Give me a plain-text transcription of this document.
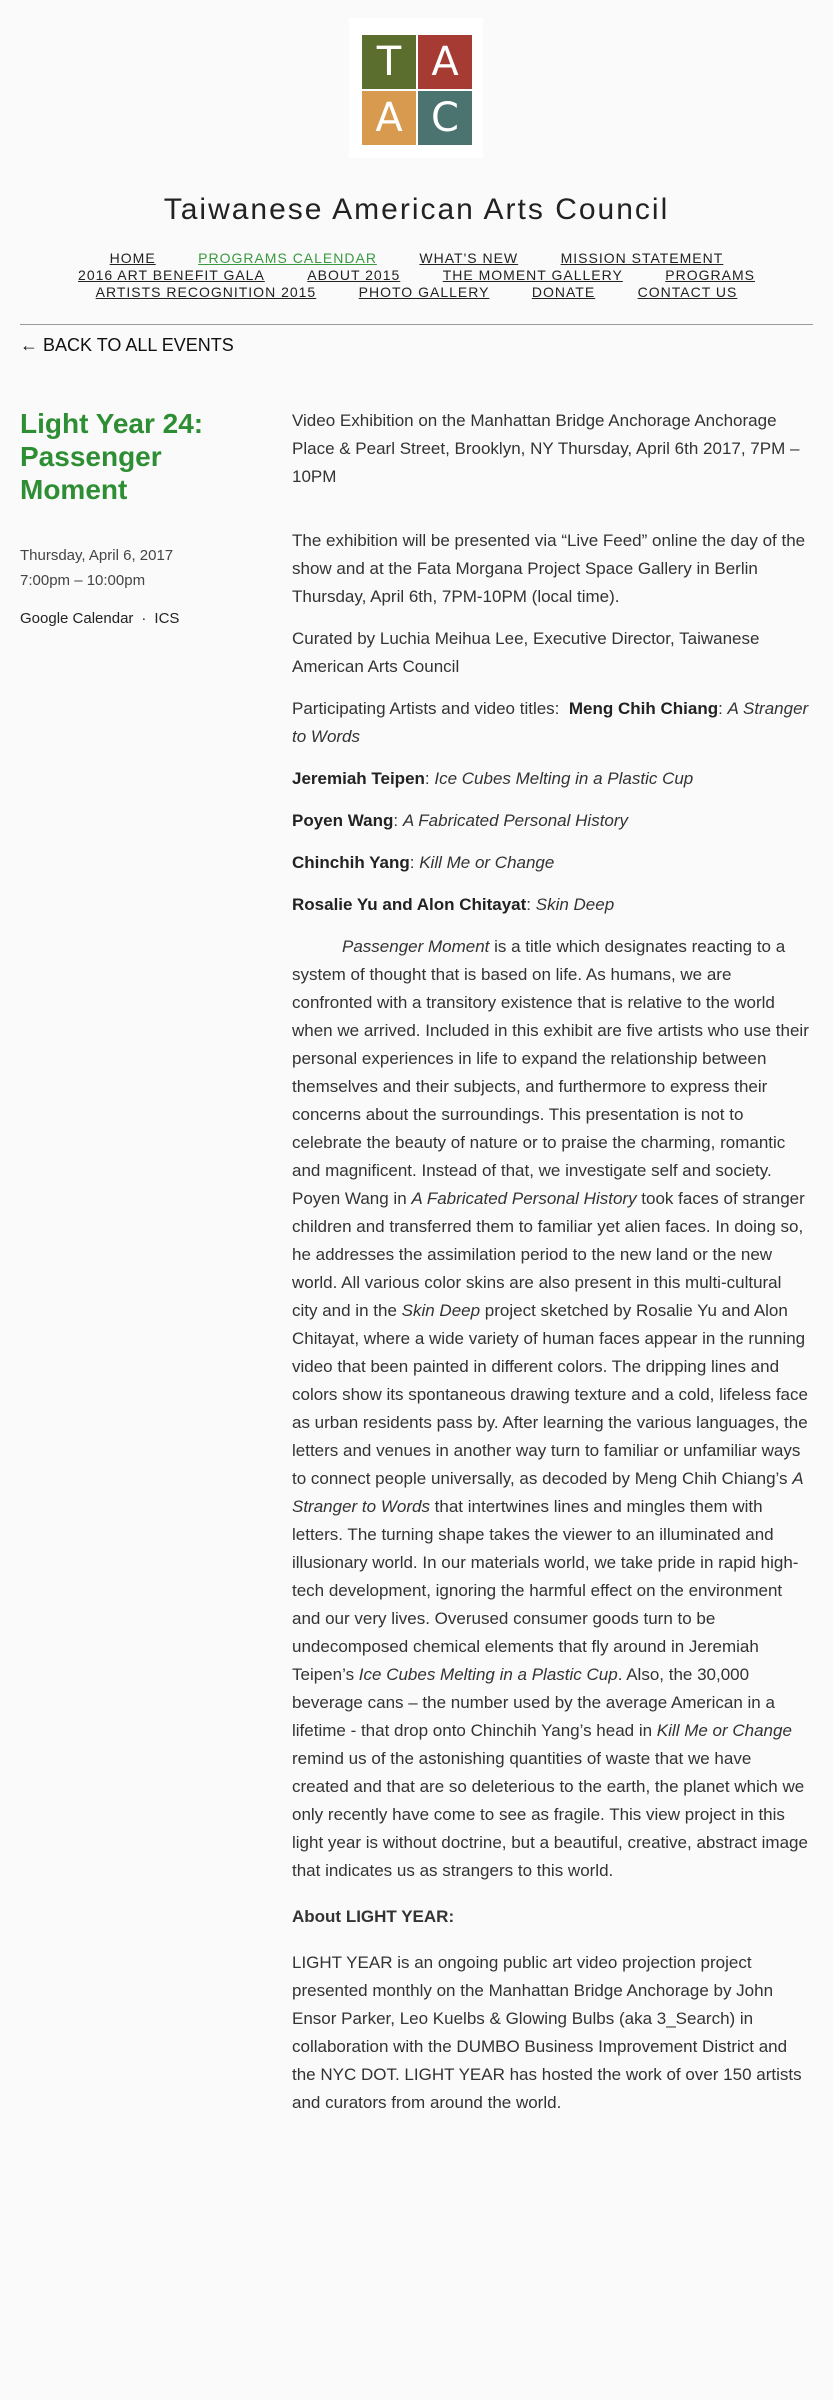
T A
A C
Taiwanese American Arts Council
HOME	PROGRAMS CALENDAR	WHAT'S NEW	MISSION STATEMENT
2016 ART BENEFIT GALA	ABOUT 2015	THE MOMENT GALLERY	PROGRAMS
ARTISTS RECOGNITION 2015	PHOTO GALLERY	DONATE	CONTACT US
← BACK TO ALL EVENTS
Light Year 24: Passenger Moment
Thursday, April 6, 2017
7:00pm – 10:00pm
Google Calendar · ICS

Video Exhibition on the Manhattan Bridge Anchorage Anchorage Place & Pearl Street, Brooklyn, NY Thursday, April 6th 2017, 7PM – 10PM

The exhibition will be presented via “Live Feed” online the day of the show and at the Fata Morgana Project Space Gallery in Berlin Thursday, April 6th, 7PM-10PM (local time).

Curated by Luchia Meihua Lee, Executive Director, Taiwanese American Arts Council

Participating Artists and video titles: Meng Chih Chiang: A Stranger to Words

Jeremiah Teipen: Ice Cubes Melting in a Plastic Cup

Poyen Wang: A Fabricated Personal History

Chinchih Yang: Kill Me or Change

Rosalie Yu and Alon Chitayat: Skin Deep

Passenger Moment is a title which designates reacting to a system of thought that is based on life. As humans, we are confronted with a transitory existence that is relative to the world when we arrived. Included in this exhibit are five artists who use their personal experiences in life to expand the relationship between themselves and their subjects, and furthermore to express their concerns about the surroundings. This presentation is not to celebrate the beauty of nature or to praise the charming, romantic and magnificent. Instead of that, we investigate self and society. Poyen Wang in A Fabricated Personal History took faces of stranger children and transferred them to familiar yet alien faces. In doing so, he addresses the assimilation period to the new land or the new world. All various color skins are also present in this multi-cultural city and in the Skin Deep project sketched by Rosalie Yu and Alon Chitayat, where a wide variety of human faces appear in the running video that been painted in different colors. The dripping lines and colors show its spontaneous drawing texture and a cold, lifeless face as urban residents pass by. After learning the various languages, the letters and venues in another way turn to familiar or unfamiliar ways to connect people universally, as decoded by Meng Chih Chiang’s A Stranger to Words that intertwines lines and mingles them with letters. The turning shape takes the viewer to an illuminated and illusionary world. In our materials world, we take pride in rapid high-tech development, ignoring the harmful effect on the environment and our very lives. Overused consumer goods turn to be undecomposed chemical elements that fly around in Jeremiah Teipen’s Ice Cubes Melting in a Plastic Cup. Also, the 30,000 beverage cans – the number used by the average American in a lifetime - that drop onto Chinchih Yang’s head in Kill Me or Change remind us of the astonishing quantities of waste that we have created and that are so deleterious to the earth, the planet which we only recently have come to see as fragile. This view project in this light year is without doctrine, but a beautiful, creative, abstract image that indicates us as strangers to this world.

About LIGHT YEAR:

LIGHT YEAR is an ongoing public art video projection project presented monthly on the Manhattan Bridge Anchorage by John Ensor Parker, Leo Kuelbs & Glowing Bulbs (aka 3_Search) in collaboration with the DUMBO Business Improvement District and the NYC DOT. LIGHT YEAR has hosted the work of over 150 artists and curators from around the world.
